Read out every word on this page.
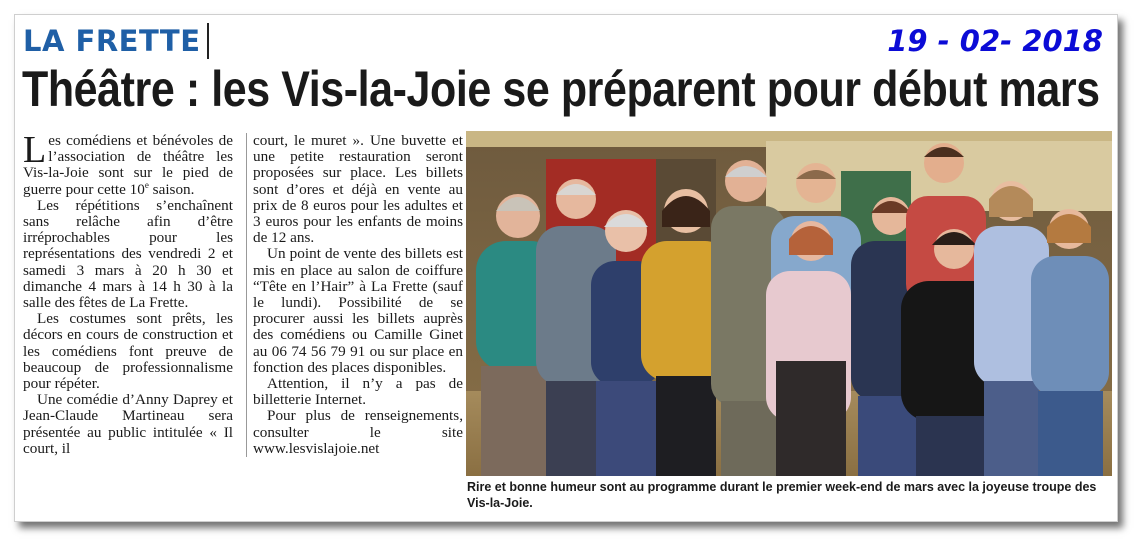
LA FRETTE	19 - 02- 2018
Théâtre : les Vis-la-Joie se préparent pour début mars

Les comédiens et bénévoles de l’association de théâtre les Vis-la-Joie sont sur le pied de guerre pour cette 10e saison.

Les répétitions s’enchaînent sans relâche afin d’être irréprochables pour les représentations des vendredi 2 et samedi 3 mars à 20 h 30 et dimanche 4 mars à 14 h 30 à la salle des fêtes de La Frette.

Les costumes sont prêts, les décors en cours de construction et les comédiens font preuve de beaucoup de professionnalisme pour répéter.

Une comédie d’Anny Daprey et Jean-Claude Martineau sera présentée au public intitulée « Il court, il

court, le muret ». Une buvette et une petite restauration seront proposées sur place. Les billets sont d’ores et déjà en vente au prix de 8 euros pour les adultes et 3 euros pour les enfants de moins de 12 ans.

Un point de vente des billets est mis en place au salon de coiffure “Tête en l’Hair” à La Frette (sauf le lundi). Possibilité de se procurer aussi les billets auprès des comédiens ou Camille Ginet au 06 74 56 79 91 ou sur place en fonction des places disponibles.

Attention, il n’y a pas de billetterie Internet.

Pour plus de renseignements, consulter le site www.lesvislajoie.net

Rire et bonne humeur sont au programme durant le premier week-end de mars avec la joyeuse troupe des Vis-la-Joie.
